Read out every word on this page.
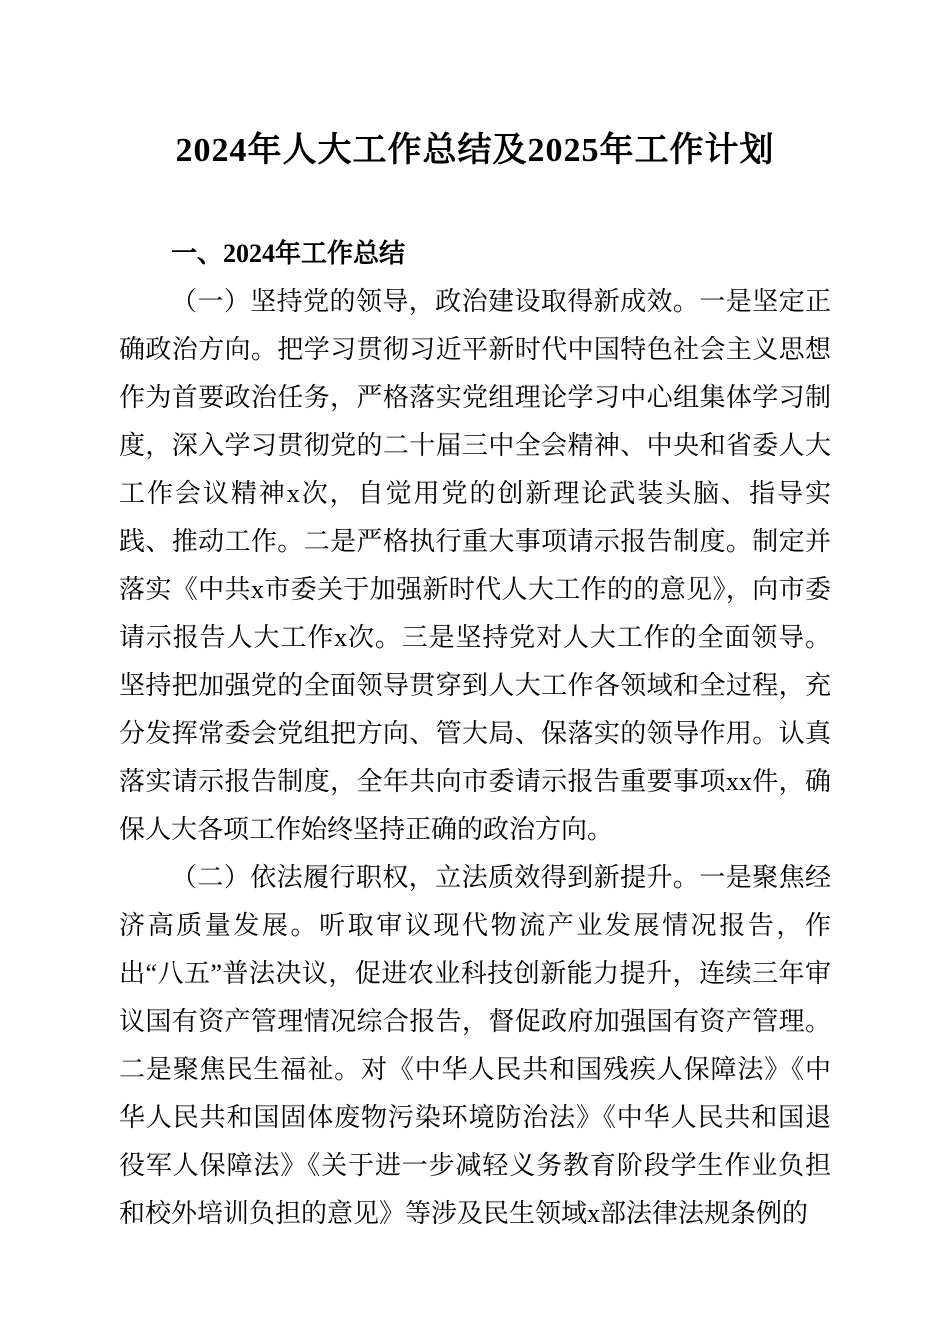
2024年人大工作总结及2025年工作计划
一、2024年工作总结

（一）坚持党的领导，政治建设取得新成效。一是坚定正确政治方向。把学习贯彻习近平新时代中国特色社会主义思想作为首要政治任务，严格落实党组理论学习中心组集体学习制度，深入学习贯彻党的二十届三中全会精神、中央和省委人大工作会议精神x次，自觉用党的创新理论武装头脑、指导实践、推动工作。二是严格执行重大事项请示报告制度。制定并落实《中共x市委关于加强新时代人大工作的的意见》，向市委请示报告人大工作x次。三是坚持党对人大工作的全面领导。坚持把加强党的全面领导贯穿到人大工作各领域和全过程，充分发挥常委会党组把方向、管大局、保落实的领导作用。认真落实请示报告制度，全年共向市委请示报告重要事项xx件，确保人大各项工作始终坚持正确的政治方向。

（二）依法履行职权，立法质效得到新提升。一是聚焦经济高质量发展。听取审议现代物流产业发展情况报告，作出“八五”普法决议，促进农业科技创新能力提升，连续三年审议国有资产管理情况综合报告，督促政府加强国有资产管理。二是聚焦民生福祉。对《中华人民共和国残疾人保障法》《中华人民共和国固体废物污染环境防治法》《中华人民共和国退役军人保障法》《关于进一步减轻义务教育阶段学生作业负担和校外培训负担的意见》等涉及民生领域x部法律法规条例的
